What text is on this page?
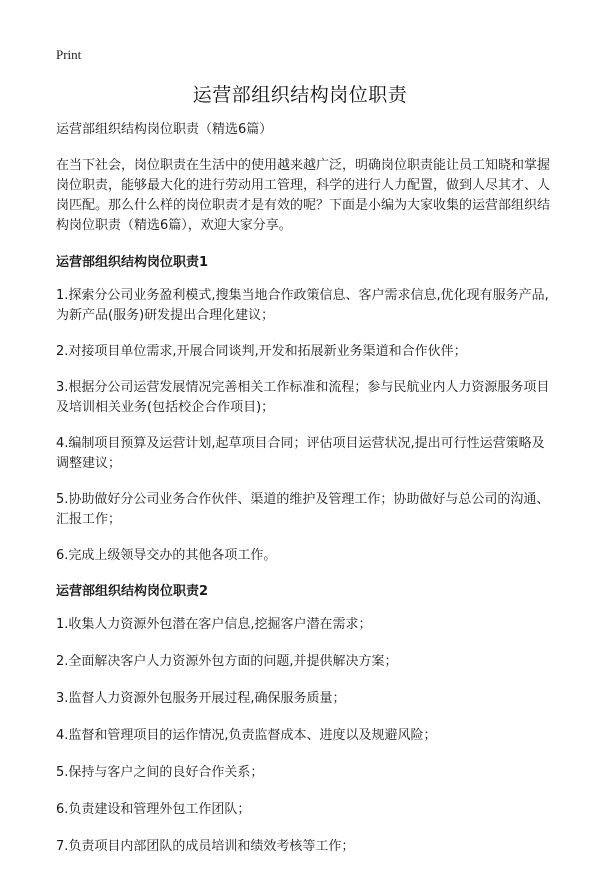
Print
运营部组织结构岗位职责

运营部组织结构岗位职责（精选6篇）

在当下社会，岗位职责在生活中的使用越来越广泛，明确岗位职责能让员工知晓和掌握岗位职责，能够最大化的进行劳动用工管理，科学的进行人力配置，做到人尽其才、人岗匹配。那么什么样的岗位职责才是有效的呢？下面是小编为大家收集的运营部组织结构岗位职责（精选6篇），欢迎大家分享。

运营部组织结构岗位职责1

1.探索分公司业务盈利模式,搜集当地合作政策信息、客户需求信息,优化现有服务产品,为新产品(服务)研发提出合理化建议；

2.对接项目单位需求,开展合同谈判,开发和拓展新业务渠道和合作伙伴；

3.根据分公司运营发展情况完善相关工作标准和流程；参与民航业内人力资源服务项目及培训相关业务(包括校企合作项目)；

4.编制项目预算及运营计划,起草项目合同；评估项目运营状况,提出可行性运营策略及调整建议；

5.协助做好分公司业务合作伙伴、渠道的维护及管理工作；协助做好与总公司的沟通、汇报工作；

6.完成上级领导交办的其他各项工作。

运营部组织结构岗位职责2

1.收集人力资源外包潜在客户信息,挖掘客户潜在需求；

2.全面解决客户人力资源外包方面的问题,并提供解决方案；

3.监督人力资源外包服务开展过程,确保服务质量；

4.监督和管理项目的运作情况,负责监督成本、进度以及规避风险；

5.保持与客户之间的良好合作关系；

6.负责建设和管理外包工作团队；

7.负责项目内部团队的成员培训和绩效考核等工作；
